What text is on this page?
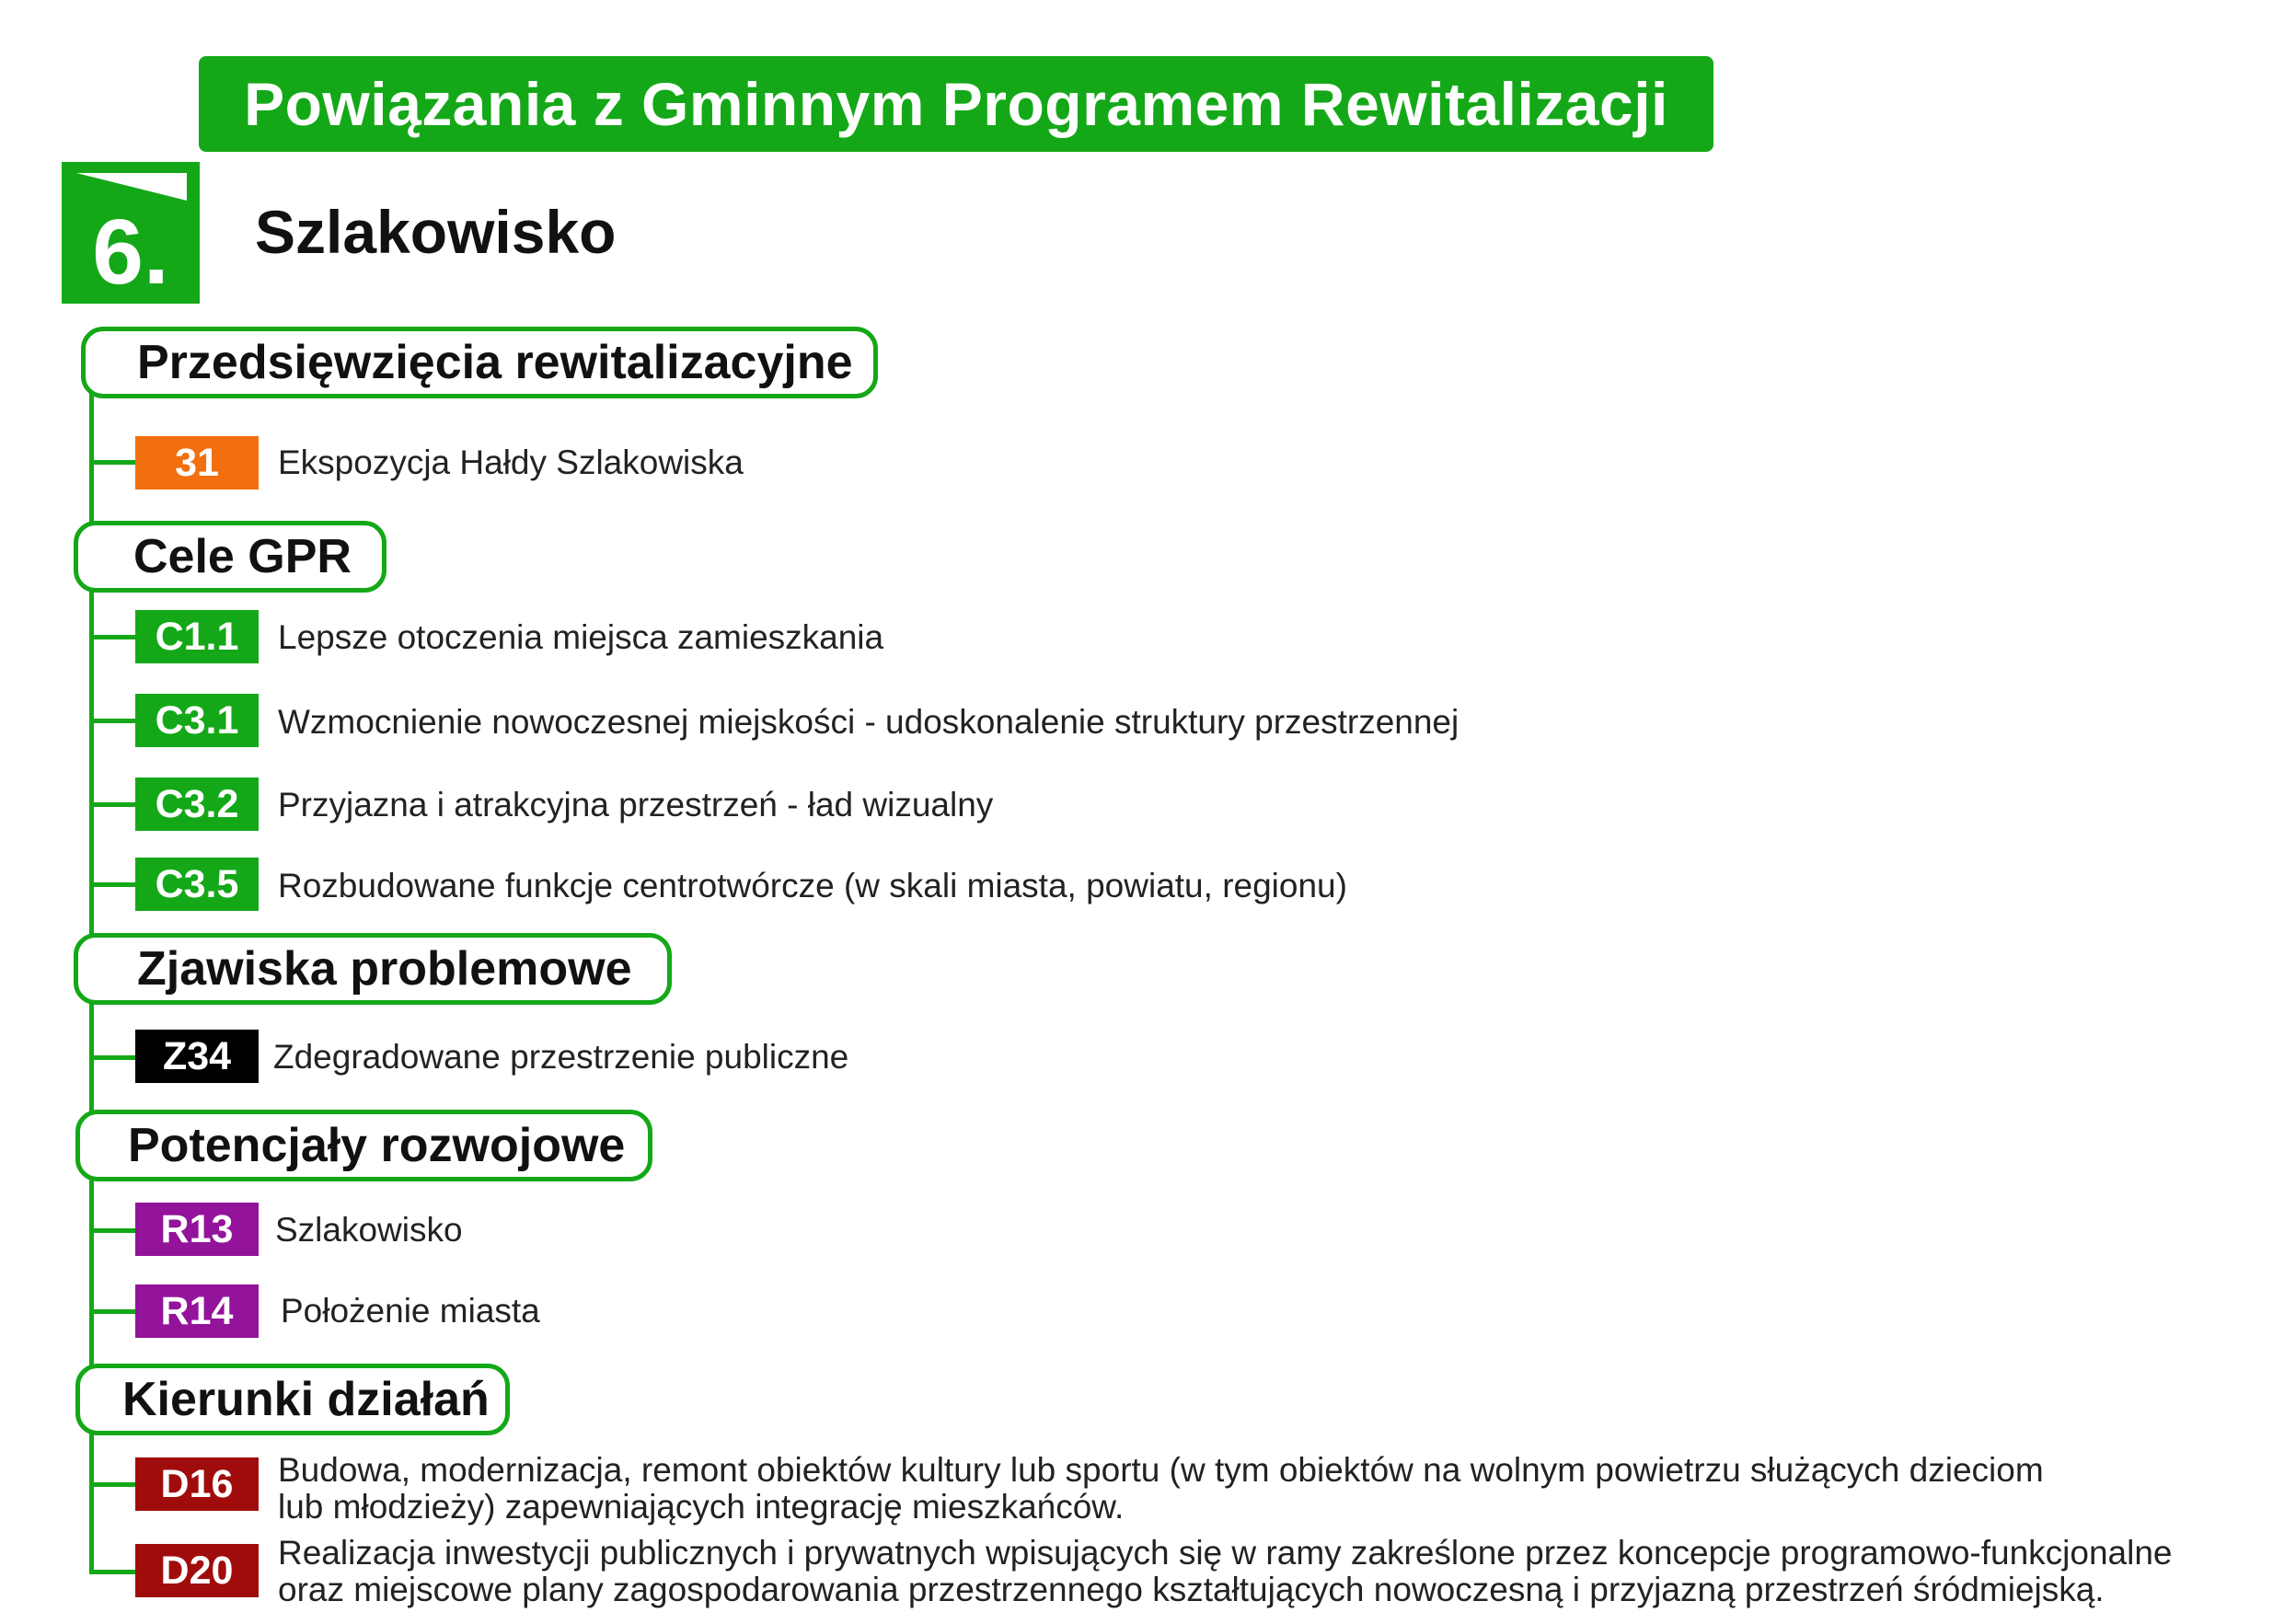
Powiązania z Gminnym Programem Rewitalizacji
6.	Szlakowisko
Przedsięwzięcia rewitalizacyjne
31	Ekspozycja Hałdy Szlakowiska
Cele GPR
C1.1	Lepsze otoczenia miejsca zamieszkania
C3.1	Wzmocnienie nowoczesnej miejskości - udoskonalenie struktury przestrzennej
C3.2	Przyjazna i atrakcyjna przestrzeń - ład wizualny
C3.5	Rozbudowane funkcje centrotwórcze (w skali miasta, powiatu, regionu)
Zjawiska problemowe
Z34	Zdegradowane przestrzenie publiczne
Potencjały rozwojowe
R13	Szlakowisko
R14	Położenie miasta
Kierunki działań
D16	Budowa, modernizacja, remont obiektów kultury lub sportu (w tym obiektów na wolnym powietrzu służących dzieciom
lub młodzieży) zapewniających integrację mieszkańców.
D20	Realizacja inwestycji publicznych i prywatnych wpisujących się w ramy zakreślone przez koncepcje programowo-funkcjonalne
oraz miejscowe plany zagospodarowania przestrzennego kształtujących nowoczesną i przyjazną przestrzeń śródmiejską.
